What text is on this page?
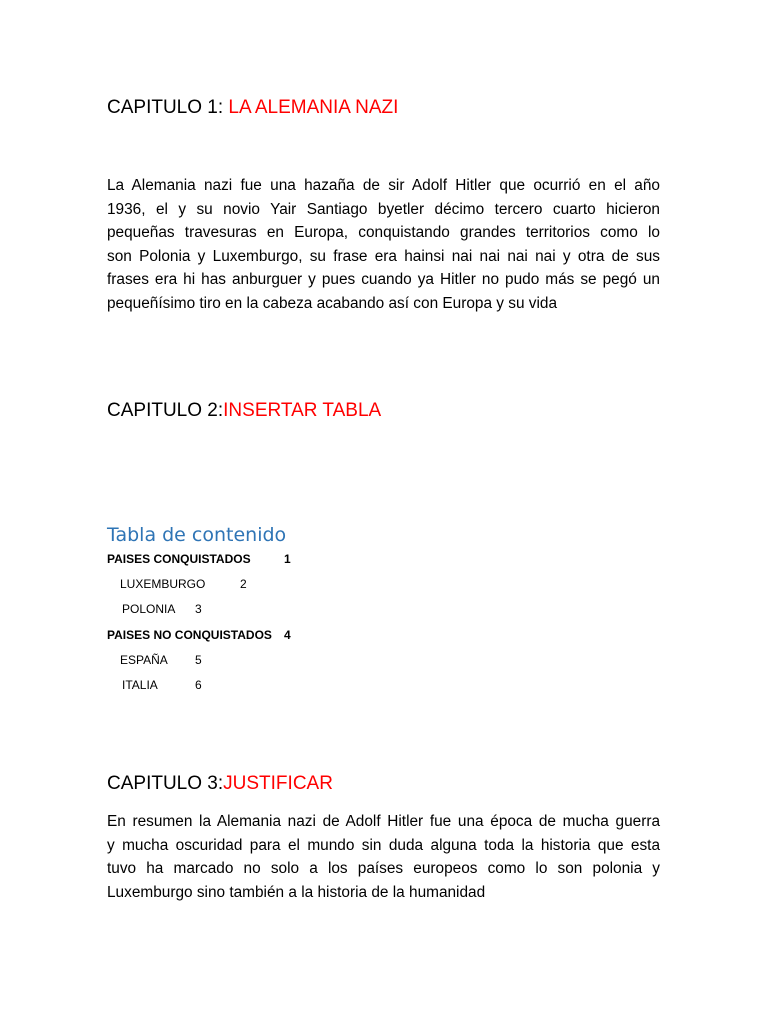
CAPITULO 1: LA ALEMANIA NAZI
La Alemania nazi fue una hazaña de sir Adolf Hitler que ocurrió en el año
1936, el y su novio Yair Santiago byetler décimo tercero cuarto hicieron
pequeñas travesuras en Europa, conquistando grandes territorios como lo
son Polonia y Luxemburgo, su frase era hainsi nai nai nai nai y otra de sus
frases era hi has anburguer y pues cuando ya Hitler no pudo más se pegó un
pequeñísimo tiro en la cabeza acabando así con Europa y su vida
CAPITULO 2:INSERTAR TABLA
Tabla de contenido
PAISES CONQUISTADOS	1
LUXEMBURGO	2
POLONIA 3
PAISES NO CONQUISTADOS 4
ESPAÑA 5
ITALIA	6
CAPITULO 3:JUSTIFICAR
En resumen la Alemania nazi de Adolf Hitler fue una época de mucha guerra
y mucha oscuridad para el mundo sin duda alguna toda la historia que esta
tuvo ha marcado no solo a los países europeos como lo son polonia y
Luxemburgo sino también a la historia de la humanidad
